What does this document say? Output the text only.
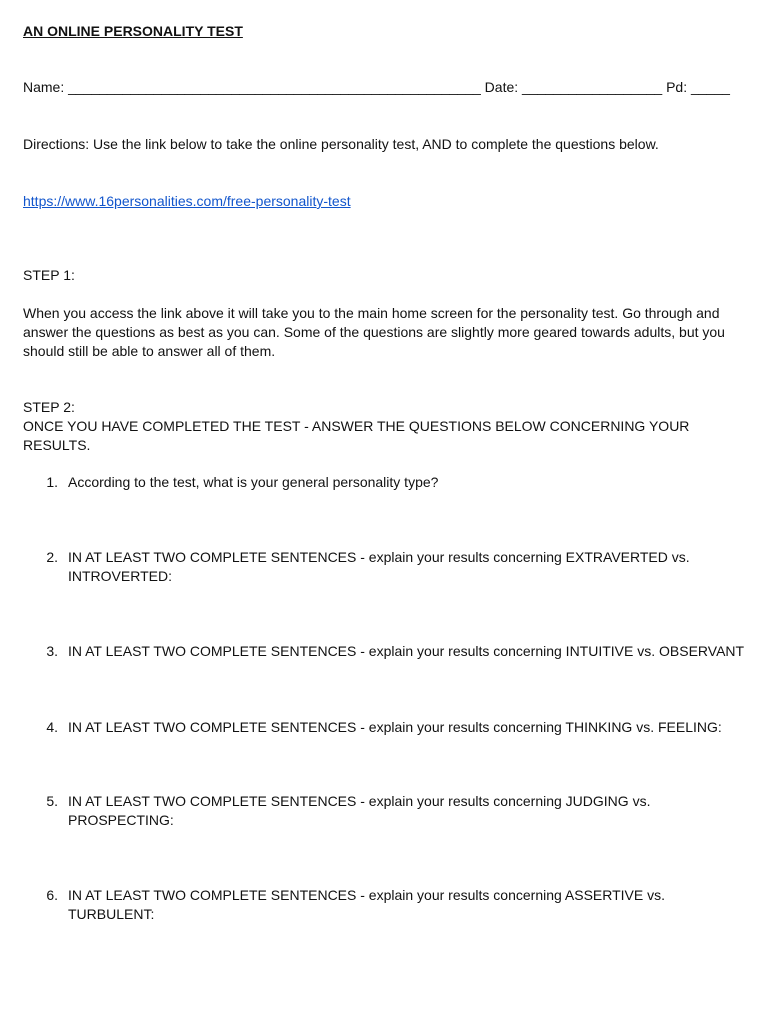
AN ONLINE PERSONALITY TEST
Name: _____________________________________________________ Date: __________________ Pd: _____
Directions: Use the link below to take the online personality test, AND to complete the questions below.
https://www.16personalities.com/free-personality-test
STEP 1:
When you access the link above it will take you to the main home screen for the personality test. Go through and answer the questions as best as you can. Some of the questions are slightly more geared towards adults, but you should still be able to answer all of them.
STEP 2:
ONCE YOU HAVE COMPLETED THE TEST - ANSWER THE QUESTIONS BELOW CONCERNING YOUR RESULTS.
1. According to the test, what is your general personality type?
2. IN AT LEAST TWO COMPLETE SENTENCES - explain your results concerning EXTRAVERTED vs. INTROVERTED:
3. IN AT LEAST TWO COMPLETE SENTENCES - explain your results concerning INTUITIVE vs. OBSERVANT
4. IN AT LEAST TWO COMPLETE SENTENCES - explain your results concerning THINKING vs. FEELING:
5. IN AT LEAST TWO COMPLETE SENTENCES - explain your results concerning JUDGING vs. PROSPECTING:
6. IN AT LEAST TWO COMPLETE SENTENCES - explain your results concerning ASSERTIVE vs. TURBULENT:
